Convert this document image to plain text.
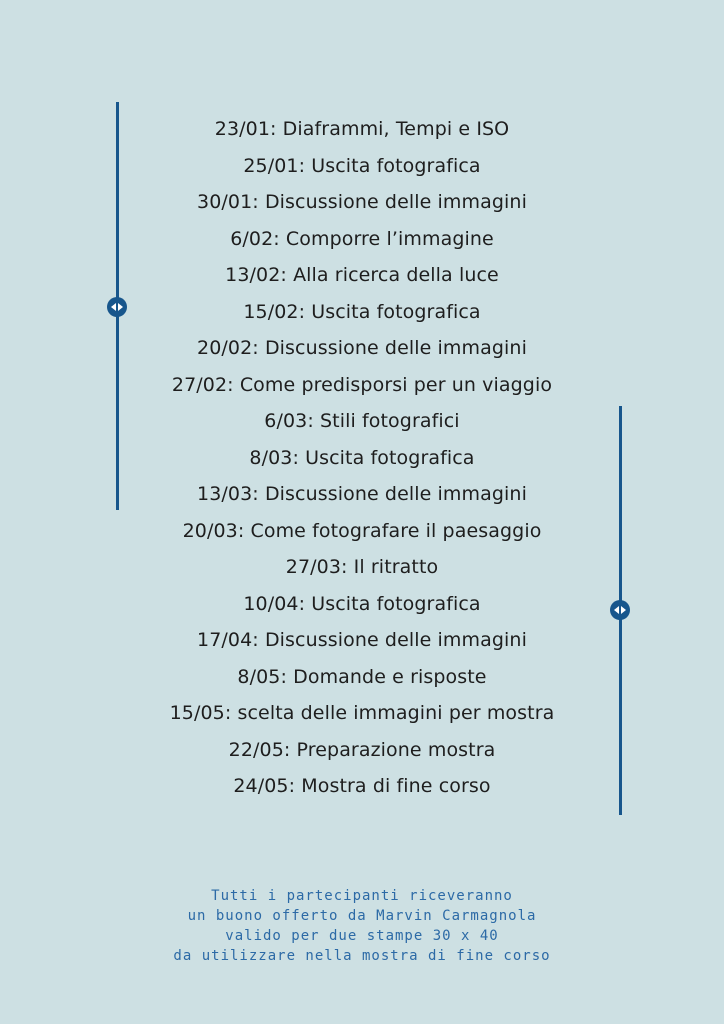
23/01: Diaframmi, Tempi e ISO
25/01: Uscita fotografica
30/01: Discussione delle immagini
6/02: Comporre l’immagine
13/02: Alla ricerca della luce
15/02: Uscita fotografica
20/02: Discussione delle immagini
27/02: Come predisporsi per un viaggio
6/03: Stili fotografici
8/03: Uscita fotografica
13/03: Discussione delle immagini
20/03: Come fotografare il paesaggio
27/03: Il ritratto
10/04: Uscita fotografica
17/04: Discussione delle immagini
8/05: Domande e risposte
15/05: scelta delle immagini per mostra
22/05: Preparazione mostra
24/05: Mostra di fine corso
Tutti i partecipanti riceveranno
un buono offerto da Marvin Carmagnola
valido per due stampe 30 x 40
da utilizzare nella mostra di fine corso
